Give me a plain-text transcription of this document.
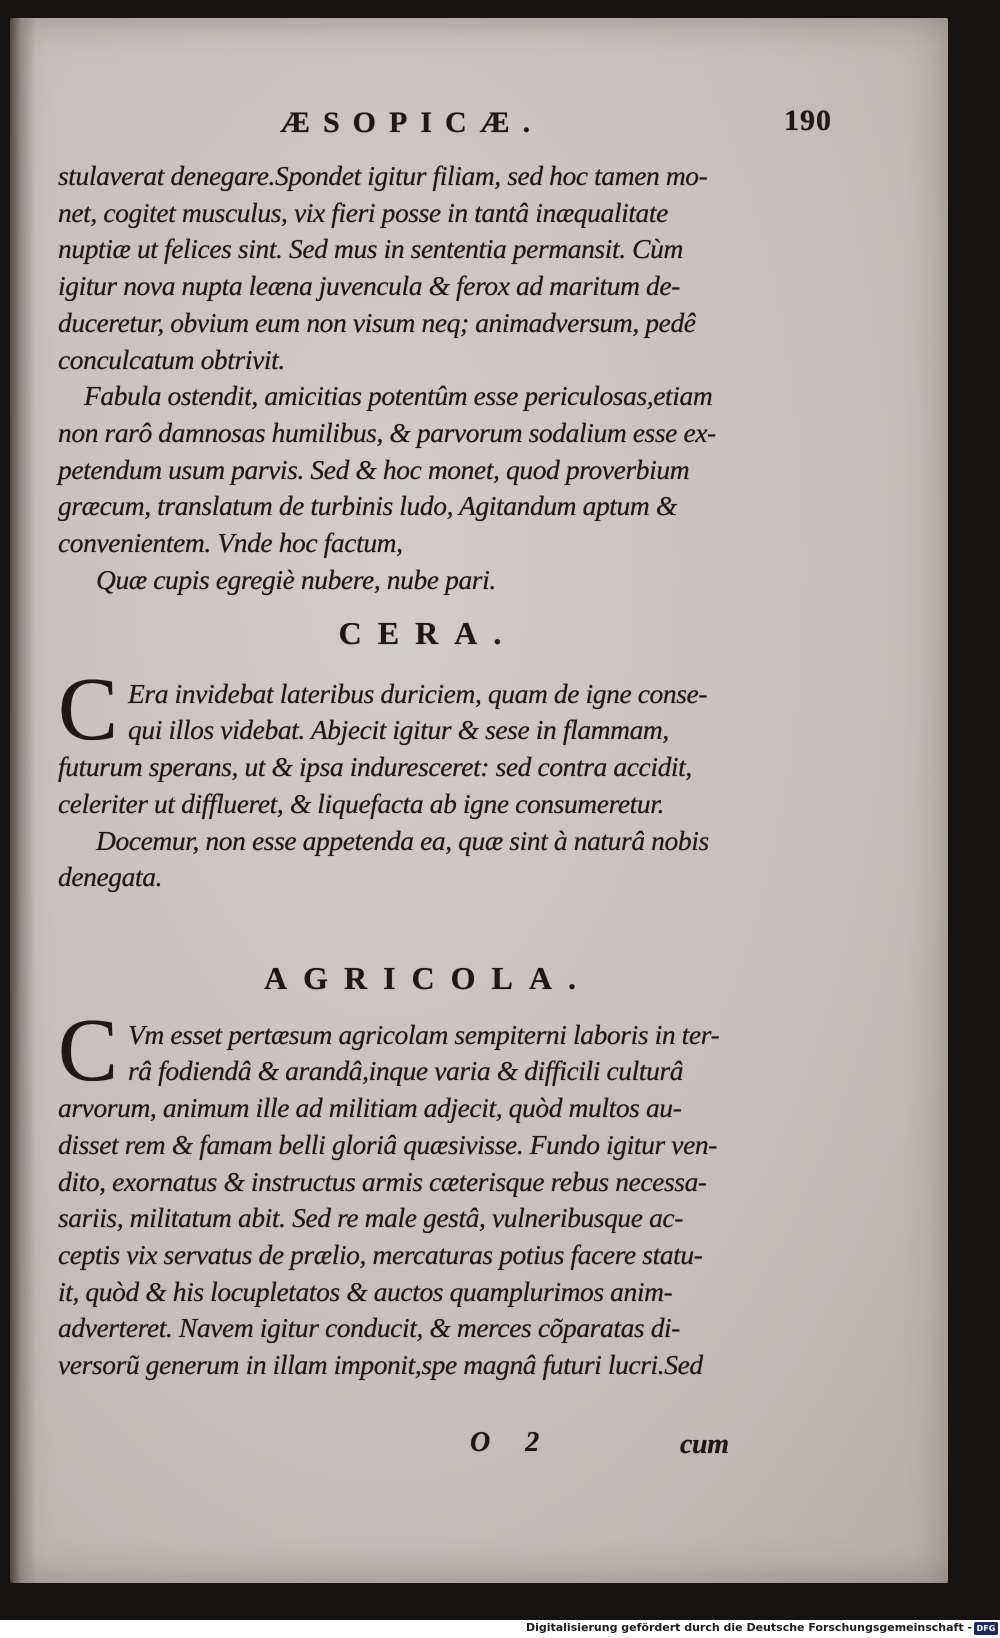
ÆSOPICÆ.	190
stulaverat denegare.Spondet igitur filiam, sed hoc tamen mo-
net, cogitet musculus, vix fieri posse in tantâ inæqualitate
nuptiæ ut felices sint. Sed mus in sententia permansit. Cùm
igitur nova nupta leæna juvencula & ferox ad maritum de-
duceretur, obvium eum non visum neq; animadversum, pedê
conculcatum obtrivit.
Fabula ostendit, amicitias potentûm esse periculosas,etiam
non rarô damnosas humilibus, & parvorum sodalium esse ex-
petendum usum parvis. Sed & hoc monet, quod proverbium
græcum, translatum de turbinis ludo, Agitandum aptum &
convenientem. Vnde hoc factum,
Quæ cupis egregiè nubere, nube pari.
CERA.
C Era invidebat lateribus duriciem, quam de igne conse-
qui illos videbat. Abjecit igitur & sese in flammam,
futurum sperans, ut & ipsa induresceret: sed contra accidit,
celeriter ut difflueret, & liquefacta ab igne consumeretur.
Docemur, non esse appetenda ea, quæ sint à naturâ nobis
denegata.
AGRICOLA.
C Vm esset pertæsum agricolam sempiterni laboris in ter-
râ fodiendâ & arandâ,inque varia & difficili culturâ
arvorum, animum ille ad militiam adjecit, quòd multos au-
disset rem & famam belli gloriâ quæsivisse. Fundo igitur ven-
dito, exornatus & instructus armis cæterisque rebus necessa-
sariis, militatum abit. Sed re male gestâ, vulneribusque ac-
ceptis vix servatus de prælio, mercaturas potius facere statu-
it, quòd & his locupletatos & auctos quamplurimos anim-
adverteret. Navem igitur conducit, & merces cõparatas di-
versorũ generum in illam imponit,spe magnâ futuri lucri.Sed
O 2	cum
Digitalisierung gefördert durch die Deutsche Forschungsgemeinschaft - DFG
